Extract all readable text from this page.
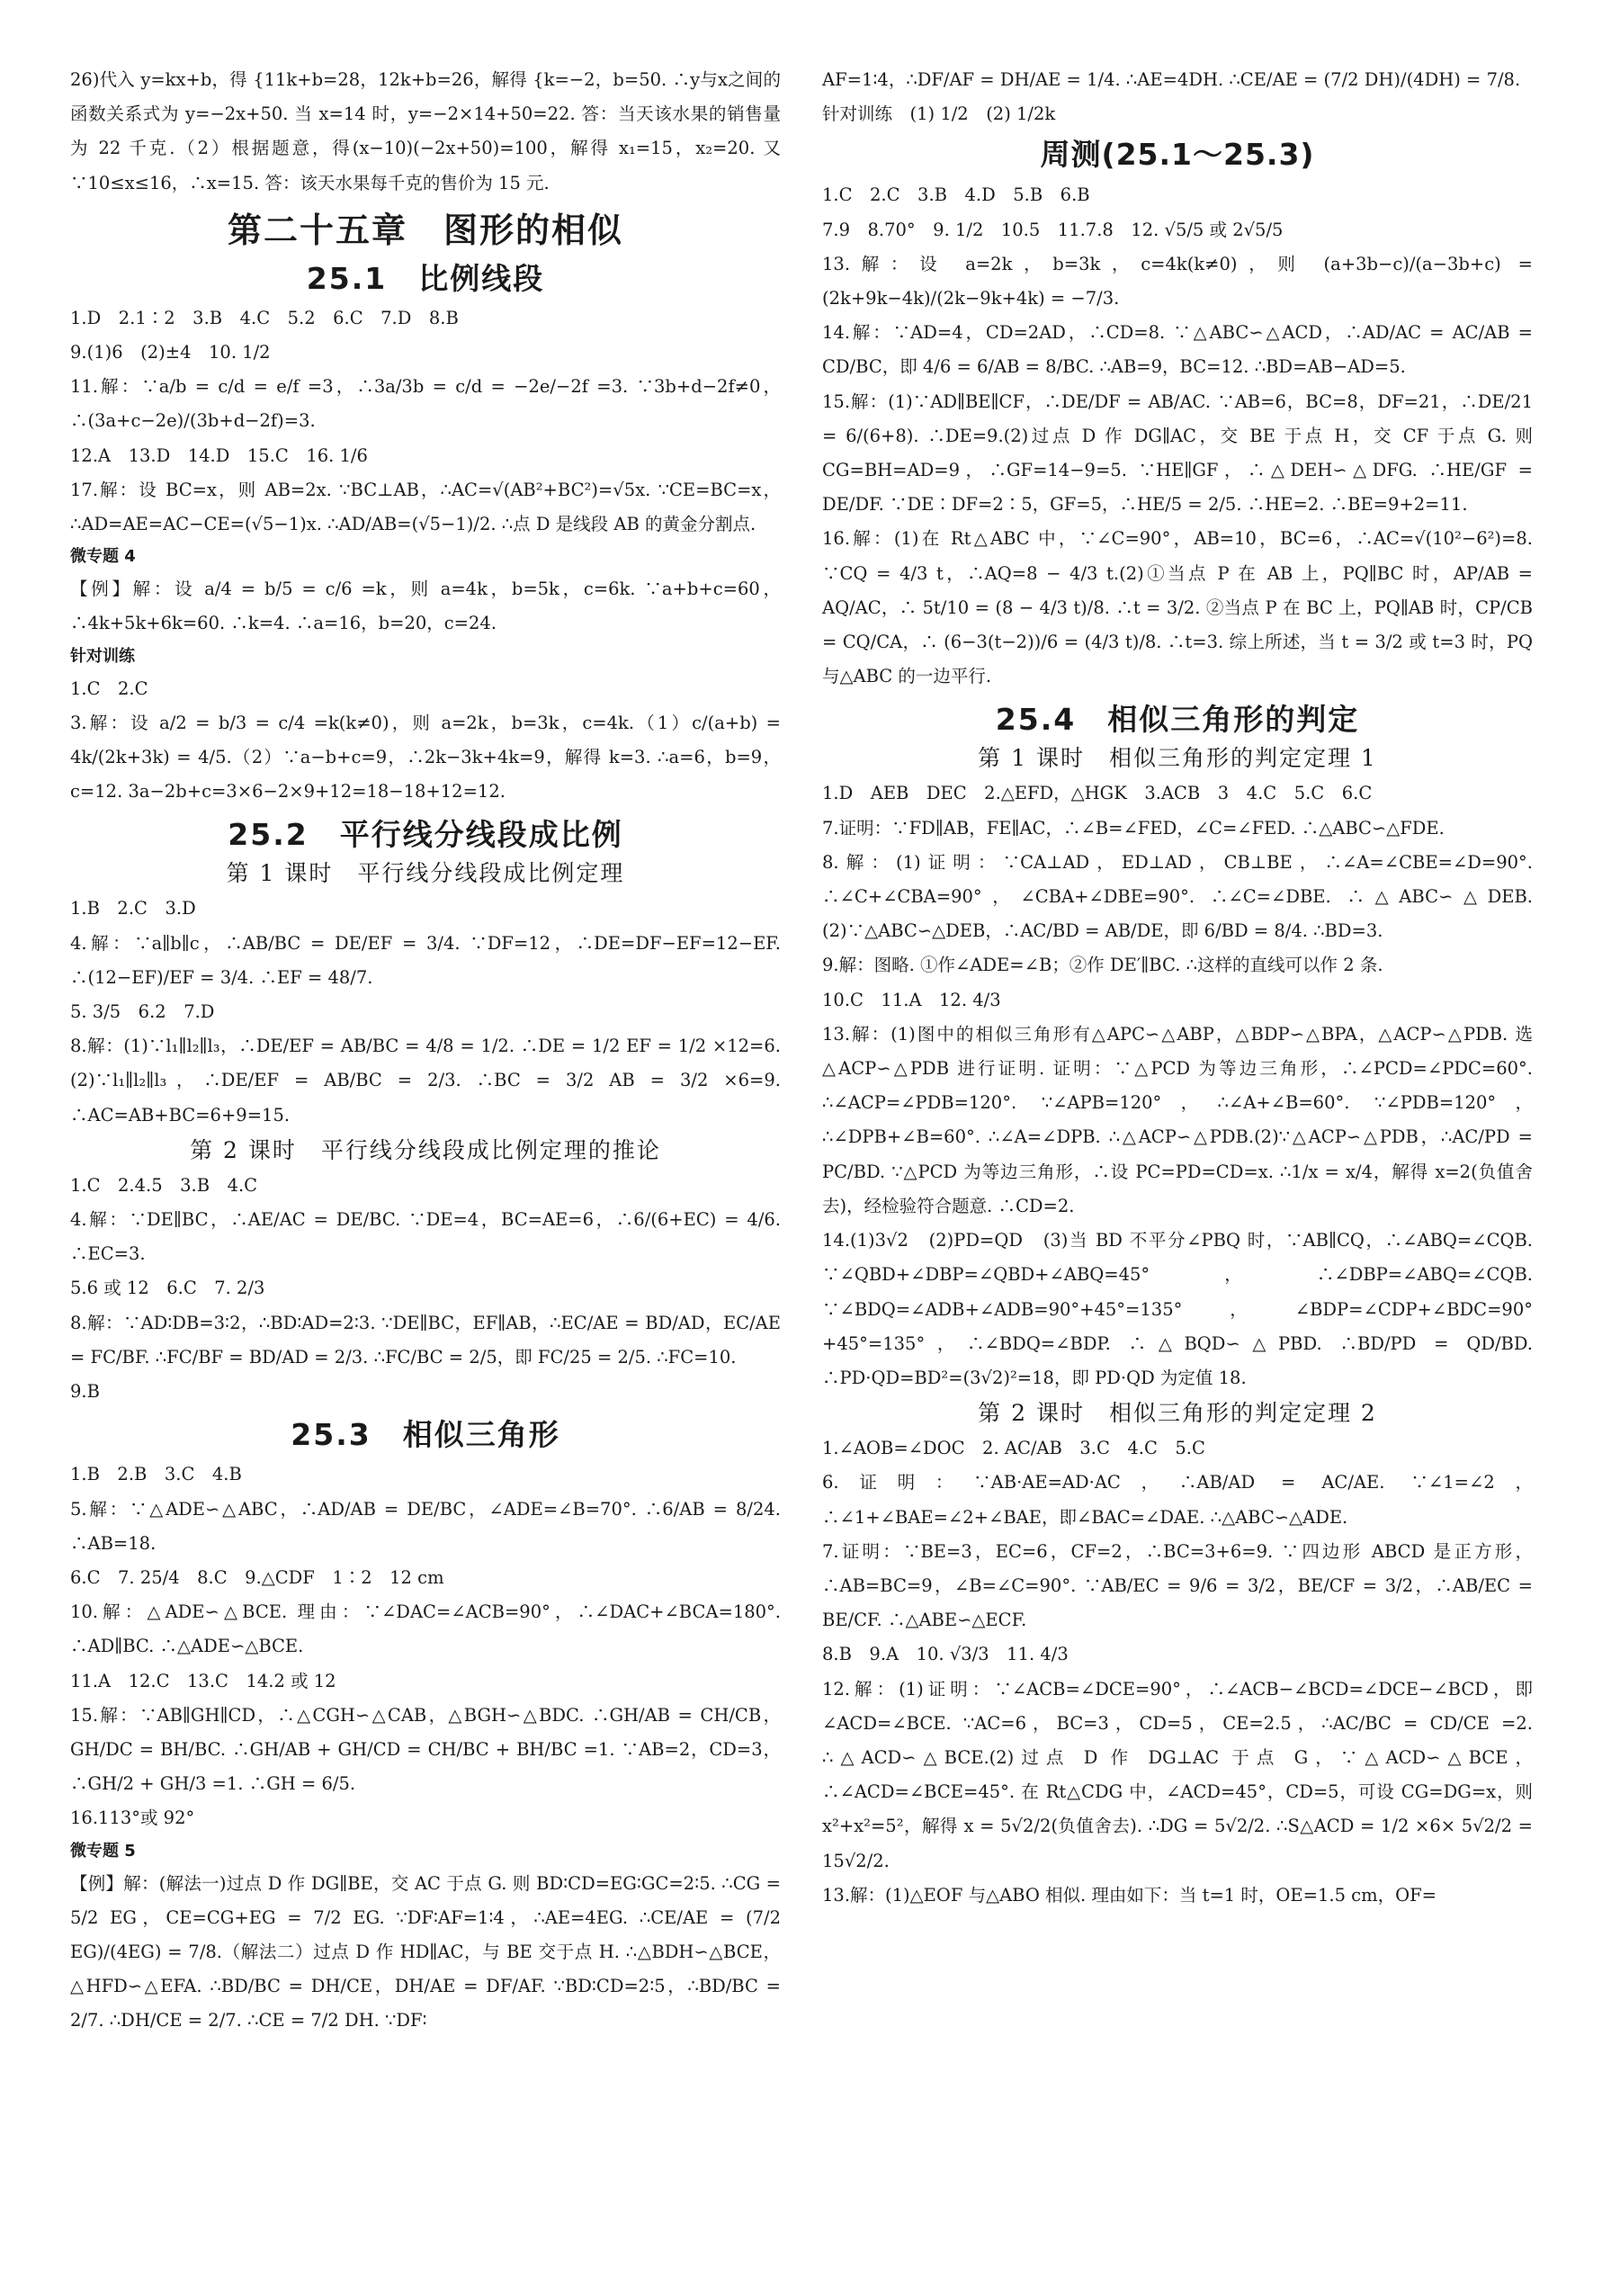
26)代入 y=kx+b，得 {11k+b=28，12k+b=26，解得 {k=−2，b=50. ∴y与x之间的函数关系式为 y=−2x+50. 当 x=14 时，y=−2×14+50=22. 答：当天该水果的销售量为 22 千克.（2）根据题意，得(x−10)(−2x+50)=100，解得 x₁=15，x₂=20. 又∵10≤x≤16，∴x=15. 答：该天水果每千克的售价为 15 元.

第二十五章　图形的相似
25.1　比例线段

1.D　2.1∶2　3.B　4.C　5.2　6.C　7.D　8.B

9.(1)6　(2)±4　10. 1/2

11.解：∵a/b = c/d = e/f =3，∴3a/3b = c/d = −2e/−2f =3. ∵3b+d−2f≠0，∴(3a+c−2e)/(3b+d−2f)=3.

12.A　13.D　14.D　15.C　16. 1/6

17.解：设 BC=x，则 AB=2x. ∵BC⊥AB，∴AC=√(AB²+BC²)=√5x. ∵CE=BC=x，∴AD=AE=AC−CE=(√5−1)x. ∴AD/AB=(√5−1)/2. ∴点 D 是线段 AB 的黄金分割点.

微专题 4

【例】解：设 a/4 = b/5 = c/6 =k，则 a=4k，b=5k，c=6k. ∵a+b+c=60，∴4k+5k+6k=60. ∴k=4. ∴a=16，b=20，c=24.

针对训练

1.C　2.C

3.解：设 a/2 = b/3 = c/4 =k(k≠0)，则 a=2k，b=3k，c=4k.（1）c/(a+b) = 4k/(2k+3k) = 4/5.（2）∵a−b+c=9，∴2k−3k+4k=9，解得 k=3. ∴a=6，b=9，c=12. 3a−2b+c=3×6−2×9+12=18−18+12=12.

25.2　平行线分线段成比例
第 1 课时　平行线分线段成比例定理

1.B　2.C　3.D

4.解：∵a∥b∥c，∴AB/BC = DE/EF = 3/4. ∵DF=12，∴DE=DF−EF=12−EF. ∴(12−EF)/EF = 3/4. ∴EF = 48/7.

5. 3/5　6.2　7.D

8.解：(1)∵l₁∥l₂∥l₃，∴DE/EF = AB/BC = 4/8 = 1/2. ∴DE = 1/2 EF = 1/2 ×12=6.(2)∵l₁∥l₂∥l₃，∴DE/EF = AB/BC = 2/3. ∴BC = 3/2 AB = 3/2 ×6=9. ∴AC=AB+BC=6+9=15.

第 2 课时　平行线分线段成比例定理的推论

1.C　2.4.5　3.B　4.C

4.解：∵DE∥BC，∴AE/AC = DE/BC. ∵DE=4，BC=AE=6，∴6/(6+EC) = 4/6. ∴EC=3.

5.6 或 12　6.C　7. 2/3

8.解：∵AD∶DB=3∶2，∴BD∶AD=2∶3. ∵DE∥BC，EF∥AB，∴EC/AE = BD/AD，EC/AE = FC/BF. ∴FC/BF = BD/AD = 2/3. ∴FC/BC = 2/5，即 FC/25 = 2/5. ∴FC=10.

9.B

25.3　相似三角形

1.B　2.B　3.C　4.B

5.解：∵△ADE∽△ABC，∴AD/AB = DE/BC，∠ADE=∠B=70°. ∴6/AB = 8/24. ∴AB=18.

6.C　7. 25/4　8.C　9.△CDF　1∶2　12 cm

10.解：△ADE∽△BCE. 理由：∵∠DAC=∠ACB=90°，∴∠DAC+∠BCA=180°. ∴AD∥BC. ∴△ADE∽△BCE.

11.A　12.C　13.C　14.2 或 12

15.解：∵AB∥GH∥CD，∴△CGH∽△CAB，△BGH∽△BDC. ∴GH/AB = CH/CB，GH/DC = BH/BC. ∴GH/AB + GH/CD = CH/BC + BH/BC =1. ∵AB=2，CD=3，∴GH/2 + GH/3 =1. ∴GH = 6/5.

16.113°或 92°

微专题 5

【例】解：(解法一)过点 D 作 DG∥BE，交 AC 于点 G. 则 BD∶CD=EG∶GC=2∶5. ∴CG = 5/2 EG，CE=CG+EG = 7/2 EG. ∵DF∶AF=1∶4，∴AE=4EG. ∴CE/AE = (7/2 EG)/(4EG) = 7/8.（解法二）过点 D 作 HD∥AC，与 BE 交于点 H. ∴△BDH∽△BCE，△HFD∽△EFA. ∴BD/BC = DH/CE，DH/AE = DF/AF. ∵BD∶CD=2∶5，∴BD/BC = 2/7. ∴DH/CE = 2/7. ∴CE = 7/2 DH. ∵DF∶

AF=1∶4，∴DF/AF = DH/AE = 1/4. ∴AE=4DH. ∴CE/AE = (7/2 DH)/(4DH) = 7/8.

针对训练　(1) 1/2　(2) 1/2k

周测(25.1～25.3)

1.C　2.C　3.B　4.D　5.B　6.B

7.9　8.70°　9. 1/2　10.5　11.7.8　12. √5/5 或 2√5/5

13.解：设 a=2k，b=3k，c=4k(k≠0)，则 (a+3b−c)/(a−3b+c) = (2k+9k−4k)/(2k−9k+4k) = −7/3.

14.解：∵AD=4，CD=2AD，∴CD=8. ∵△ABC∽△ACD，∴AD/AC = AC/AB = CD/BC，即 4/6 = 6/AB = 8/BC. ∴AB=9，BC=12. ∴BD=AB−AD=5.

15.解：(1)∵AD∥BE∥CF，∴DE/DF = AB/AC. ∵AB=6，BC=8，DF=21，∴DE/21 = 6/(6+8). ∴DE=9.(2)过点 D 作 DG∥AC，交 BE 于点 H，交 CF 于点 G. 则 CG=BH=AD=9，∴GF=14−9=5. ∵HE∥GF，∴△DEH∽△DFG. ∴HE/GF = DE/DF. ∵DE∶DF=2∶5，GF=5，∴HE/5 = 2/5. ∴HE=2. ∴BE=9+2=11.

16.解：(1)在 Rt△ABC 中，∵∠C=90°，AB=10，BC=6，∴AC=√(10²−6²)=8. ∵CQ = 4/3 t，∴AQ=8 − 4/3 t.(2)①当点 P 在 AB 上，PQ∥BC 时，AP/AB = AQ/AC，∴ 5t/10 = (8 − 4/3 t)/8. ∴t = 3/2. ②当点 P 在 BC 上，PQ∥AB 时，CP/CB = CQ/CA，∴ (6−3(t−2))/6 = (4/3 t)/8. ∴t=3. 综上所述，当 t = 3/2 或 t=3 时，PQ 与△ABC 的一边平行.

25.4　相似三角形的判定
第 1 课时　相似三角形的判定定理 1

1.D　AEB　DEC　2.△EFD，△HGK　3.ACB　3　4.C　5.C　6.C

7.证明：∵FD∥AB，FE∥AC，∴∠B=∠FED，∠C=∠FED. ∴△ABC∽△FDE.

8.解：(1)证明：∵CA⊥AD，ED⊥AD，CB⊥BE，∴∠A=∠CBE=∠D=90°. ∴∠C+∠CBA=90°，∠CBA+∠DBE=90°. ∴∠C=∠DBE. ∴△ABC∽△DEB.(2)∵△ABC∽△DEB，∴AC/BD = AB/DE，即 6/BD = 8/4. ∴BD=3.

9.解：图略. ①作∠ADE=∠B；②作 DE′∥BC. ∴这样的直线可以作 2 条.

10.C　11.A　12. 4/3

13.解：(1)图中的相似三角形有△APC∽△ABP，△BDP∽△BPA，△ACP∽△PDB. 选△ACP∽△PDB 进行证明. 证明：∵△PCD 为等边三角形，∴∠PCD=∠PDC=60°. ∴∠ACP=∠PDB=120°. ∵∠APB=120°，∴∠A+∠B=60°. ∵∠PDB=120°，∴∠DPB+∠B=60°. ∴∠A=∠DPB. ∴△ACP∽△PDB.(2)∵△ACP∽△PDB，∴AC/PD = PC/BD. ∵△PCD 为等边三角形，∴设 PC=PD=CD=x. ∴1/x = x/4，解得 x=2(负值舍去)，经检验符合题意. ∴CD=2.

14.(1)3√2　(2)PD=QD　(3)当 BD 不平分∠PBQ 时，∵AB∥CQ，∴∠ABQ=∠CQB. ∵∠QBD+∠DBP=∠QBD+∠ABQ=45°，∴∠DBP=∠ABQ=∠CQB. ∵∠BDQ=∠ADB+∠ADB=90°+45°=135°，∠BDP=∠CDP+∠BDC=90°+45°=135°，∴∠BDQ=∠BDP. ∴△BQD∽△PBD. ∴BD/PD = QD/BD. ∴PD·QD=BD²=(3√2)²=18，即 PD·QD 为定值 18.

第 2 课时　相似三角形的判定定理 2

1.∠AOB=∠DOC　2. AC/AB　3.C　4.C　5.C

6.证明：∵AB·AE=AD·AC，∴AB/AD = AC/AE. ∵∠1=∠2，∴∠1+∠BAE=∠2+∠BAE，即∠BAC=∠DAE. ∴△ABC∽△ADE.

7.证明：∵BE=3，EC=6，CF=2，∴BC=3+6=9. ∵四边形 ABCD 是正方形，∴AB=BC=9，∠B=∠C=90°. ∵AB/EC = 9/6 = 3/2，BE/CF = 3/2，∴AB/EC = BE/CF. ∴△ABE∽△ECF.

8.B　9.A　10. √3/3　11. 4/3

12.解：(1)证明：∵∠ACB=∠DCE=90°，∴∠ACB−∠BCD=∠DCE−∠BCD，即∠ACD=∠BCE. ∵AC=6，BC=3，CD=5，CE=2.5，∴AC/BC = CD/CE =2. ∴△ACD∽△BCE.(2)过点 D 作 DG⊥AC 于点 G，∵△ACD∽△BCE，∴∠ACD=∠BCE=45°. 在 Rt△CDG 中，∠ACD=45°，CD=5，可设 CG=DG=x，则 x²+x²=5²，解得 x = 5√2/2(负值舍去). ∴DG = 5√2/2. ∴S△ACD = 1/2 ×6× 5√2/2 = 15√2/2.

13.解：(1)△EOF 与△ABO 相似. 理由如下：当 t=1 时，OE=1.5 cm，OF=
